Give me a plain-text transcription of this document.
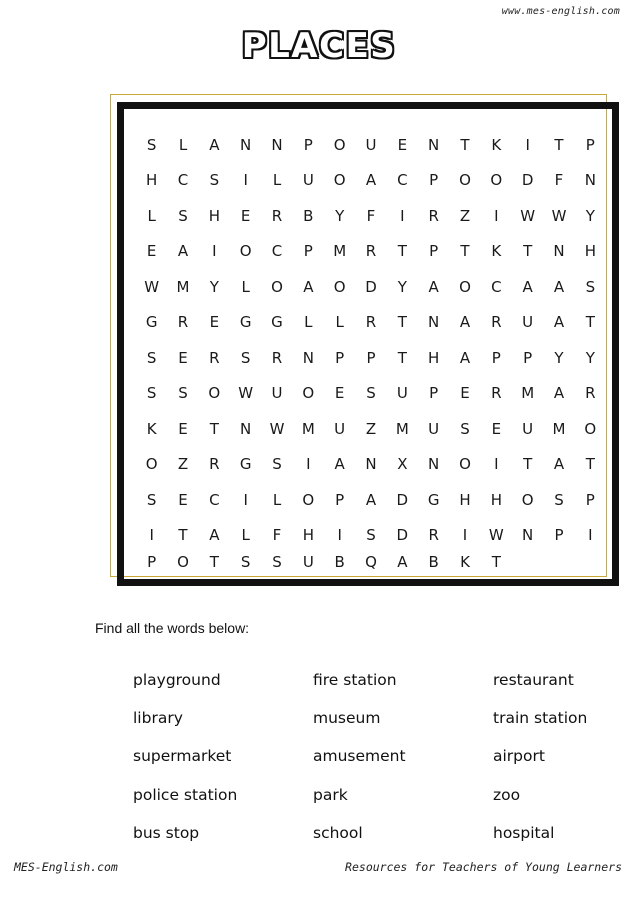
www.mes-english.com
PLACES
S	L	A	N	N	P	O	U	E	N	T	K	I	T	P
H	C	S	I	L	U	O	A	C	P	O	O	D	F	N
L	S	H	E	R	B	Y	F	I	R	Z	I	W	W	Y
E	A	I	O	C	P	M	R	T	P	T	K	T	N	H
W	M	Y	L	O	A	O	D	Y	A	O	C	A	A	S
G	R	E	G	G	L	L	R	T	N	A	R	U	A	T
S	E	R	S	R	N	P	P	T	H	A	P	P	Y	Y
S	S	O	W	U	O	E	S	U	P	E	R	M	A	R
K	E	T	N	W	M	U	Z	M	U	S	E	U	M	O
O	Z	R	G	S	I	A	N	X	N	O	I	T	A	T
S	E	C	I	L	O	P	A	D	G	H	H	O	S	P
I	T	A	L	F	H	I	S	D	R	I	W	N	P	I
P	O	T	S	S	U	B	Q	A	B	K	T
Find all the words below:
playground	fire station	restaurant
library	museum	train station
supermarket	amusement	airport
police station	park	zoo
bus stop	school	hospital
MES-English.com	Resources for Teachers of Young Learners
